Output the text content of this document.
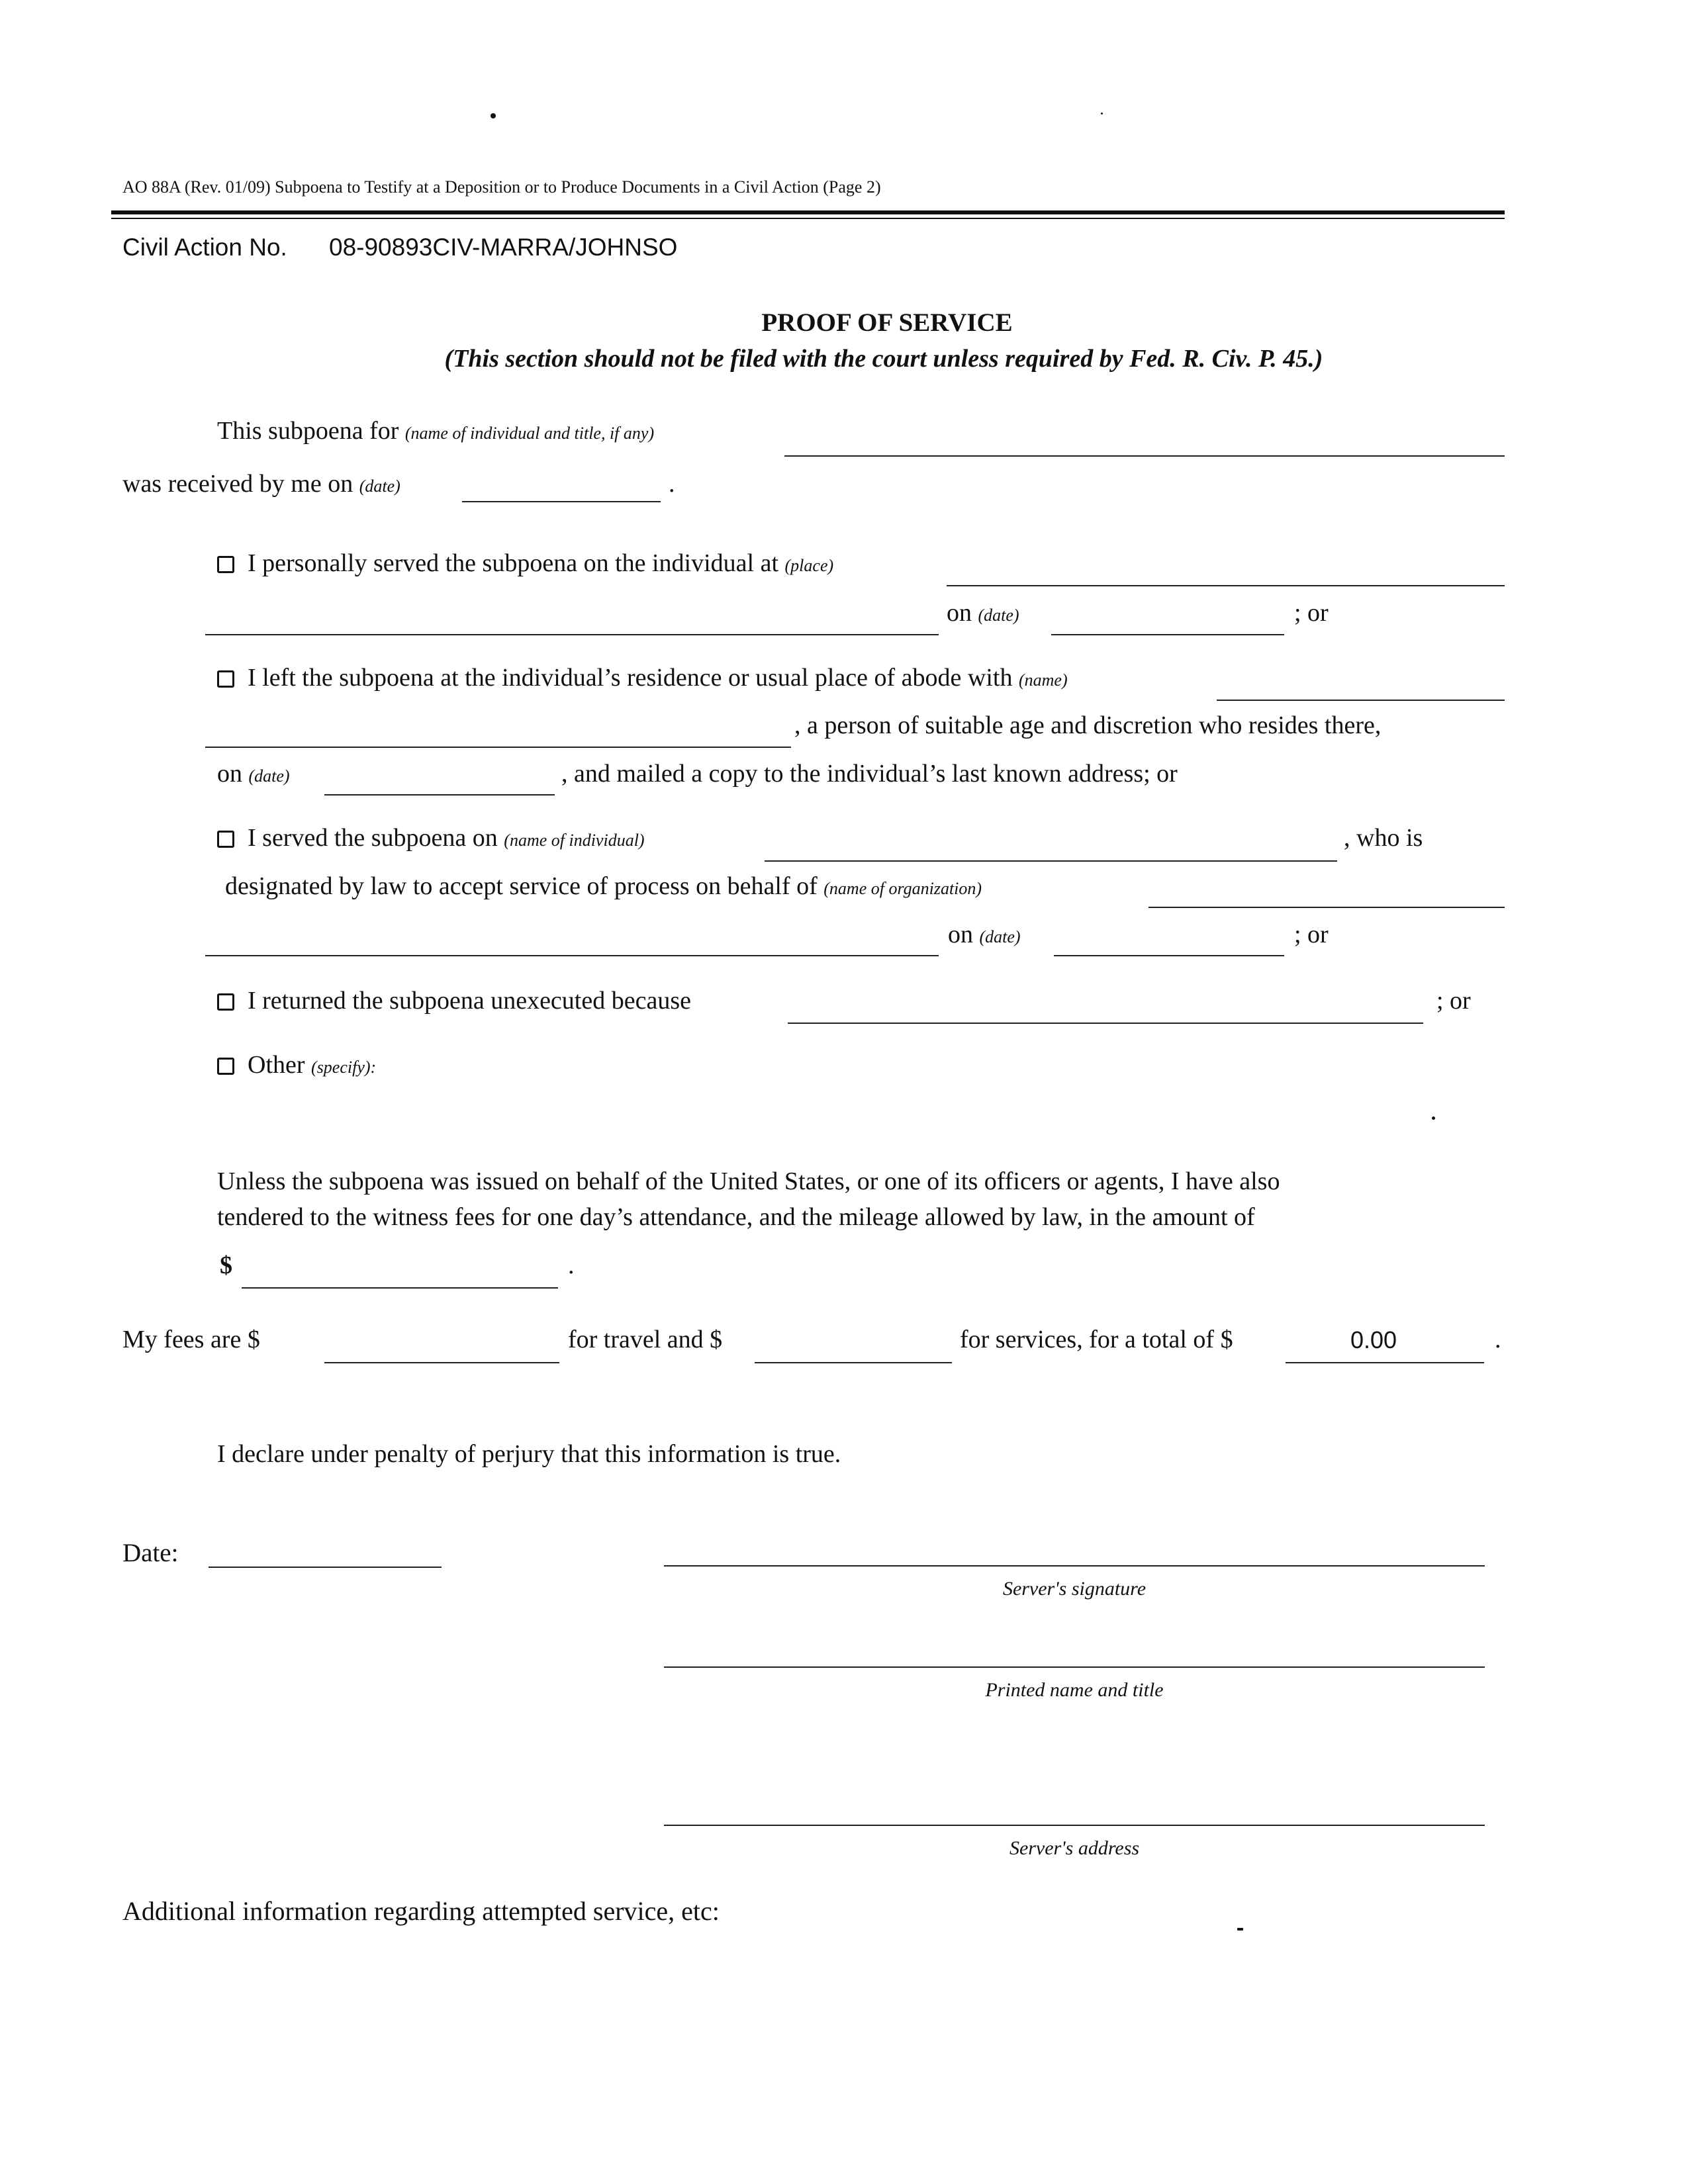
AO 88A (Rev. 01/09) Subpoena to Testify at a Deposition or to Produce Documents in a Civil Action (Page 2)
Civil Action No. 08-90893CIV-MARRA/JOHNSO
PROOF OF SERVICE
(This section should not be filed with the court unless required by Fed. R. Civ. P. 45.)
This subpoena for (name of individual and title, if any)
was received by me on (date)	.
I personally served the subpoena on the individual at (place)
on (date)	; or
I left the subpoena at the individual’s residence or usual place of abode with (name)
, a person of suitable age and discretion who resides there,
on (date)	, and mailed a copy to the individual’s last known address; or
I served the subpoena on (name of individual)	, who is
designated by law to accept service of process on behalf of (name of organization)
on (date)	; or
I returned the subpoena unexecuted because	; or
Other (specify):
Unless the subpoena was issued on behalf of the United States, or one of its officers or agents, I have also
tendered to the witness fees for one day’s attendance, and the mileage allowed by law, in the amount of
$	.
My fees are $	for travel and $	for services, for a total of $	0.00	.
I declare under penalty of perjury that this information is true.
Date:
Server's signature
Printed name and title
Server's address
Additional information regarding attempted service, etc:
